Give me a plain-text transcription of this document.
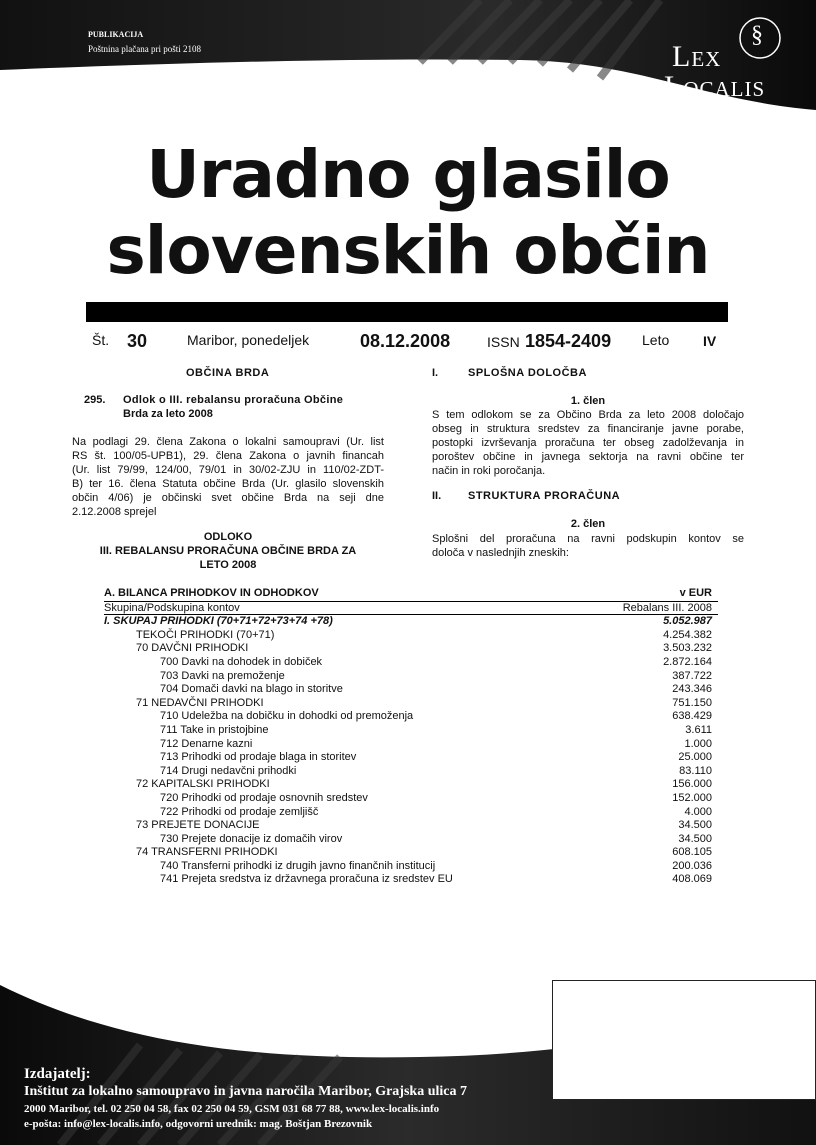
PUBLIKACIJA
Poštnina plačana pri pošti 2108
§
Lex
Localis
Uradno glasilo
slovenskih občin
Št. 30	Maribor, ponedeljek	08.12.2008	ISSN 1854-2409 Leto IV
OBČINA BRDA
295. Odlok o III. rebalansu proračuna Občine
Brda za leto 2008
Na podlagi 29. člena Zakona o lokalni samoupravi (Ur. list
RS št. 100/05-UPB1), 29. člena Zakona o javnih financah
(Ur. list 79/99, 124/00, 79/01 in 30/02-ZJU in 110/02-ZDT-
B) ter 16. člena Statuta občine Brda (Ur. glasilo slovenskih
občin 4/06) je občinski svet občine Brda na seji dne
2.12.2008 sprejel
ODLOKO
III. REBALANSU PRORAČUNA OBČINE BRDA ZA
LETO 2008
I.	SPLOŠNA DOLOČBA
1. člen
S tem odlokom se za Občino Brda za leto 2008 določajo
obseg in struktura sredstev za financiranje javne porabe,
postopki izvrševanja proračuna ter obseg zadolževanja in
poroštev občine in javnega sektorja na ravni občine ter
način in roki poročanja.
II. STRUKTURA PRORAČUNA
2. člen
Splošni del proračuna na ravni podskupin kontov se
določa v naslednjih zneskih:
A. BILANCA PRIHODKOV IN ODHODKOV	v EUR
Skupina/Podskupina kontov	Rebalans III. 2008
I. SKUPAJ PRIHODKI (70+71+72+73+74 +78)	5.052.987
TEKOČI PRIHODKI (70+71)	4.254.382
70 DAVČNI PRIHODKI	3.503.232
700 Davki na dohodek in dobiček	2.872.164
703 Davki na premoženje	387.722
704 Domači davki na blago in storitve	243.346
71 NEDAVČNI PRIHODKI	751.150
710 Udeležba na dobičku in dohodki od premoženja	638.429
711 Take in pristojbine	3.611
712 Denarne kazni	1.000
713 Prihodki od prodaje blaga in storitev	25.000
714 Drugi nedavčni prihodki	83.110
72 KAPITALSKI PRIHODKI	156.000
720 Prihodki od prodaje osnovnih sredstev	152.000
722 Prihodki od prodaje zemljišč	4.000
73 PREJETE DONACIJE	34.500
730 Prejete donacije iz domačih virov	34.500
74 TRANSFERNI PRIHODKI	608.105
740 Transferni prihodki iz drugih javno finančnih institucij	200.036
741 Prejeta sredstva iz državnega proračuna iz sredstev EU	408.069
Izdajatelj:
Inštitut za lokalno samoupravo in javna naročila Maribor, Grajska ulica 7
2000 Maribor, tel. 02 250 04 58, fax 02 250 04 59, GSM 031 68 77 88, www.lex-localis.info
e-pošta: info@lex-localis.info, odgovorni urednik: mag. Boštjan Brezovnik
